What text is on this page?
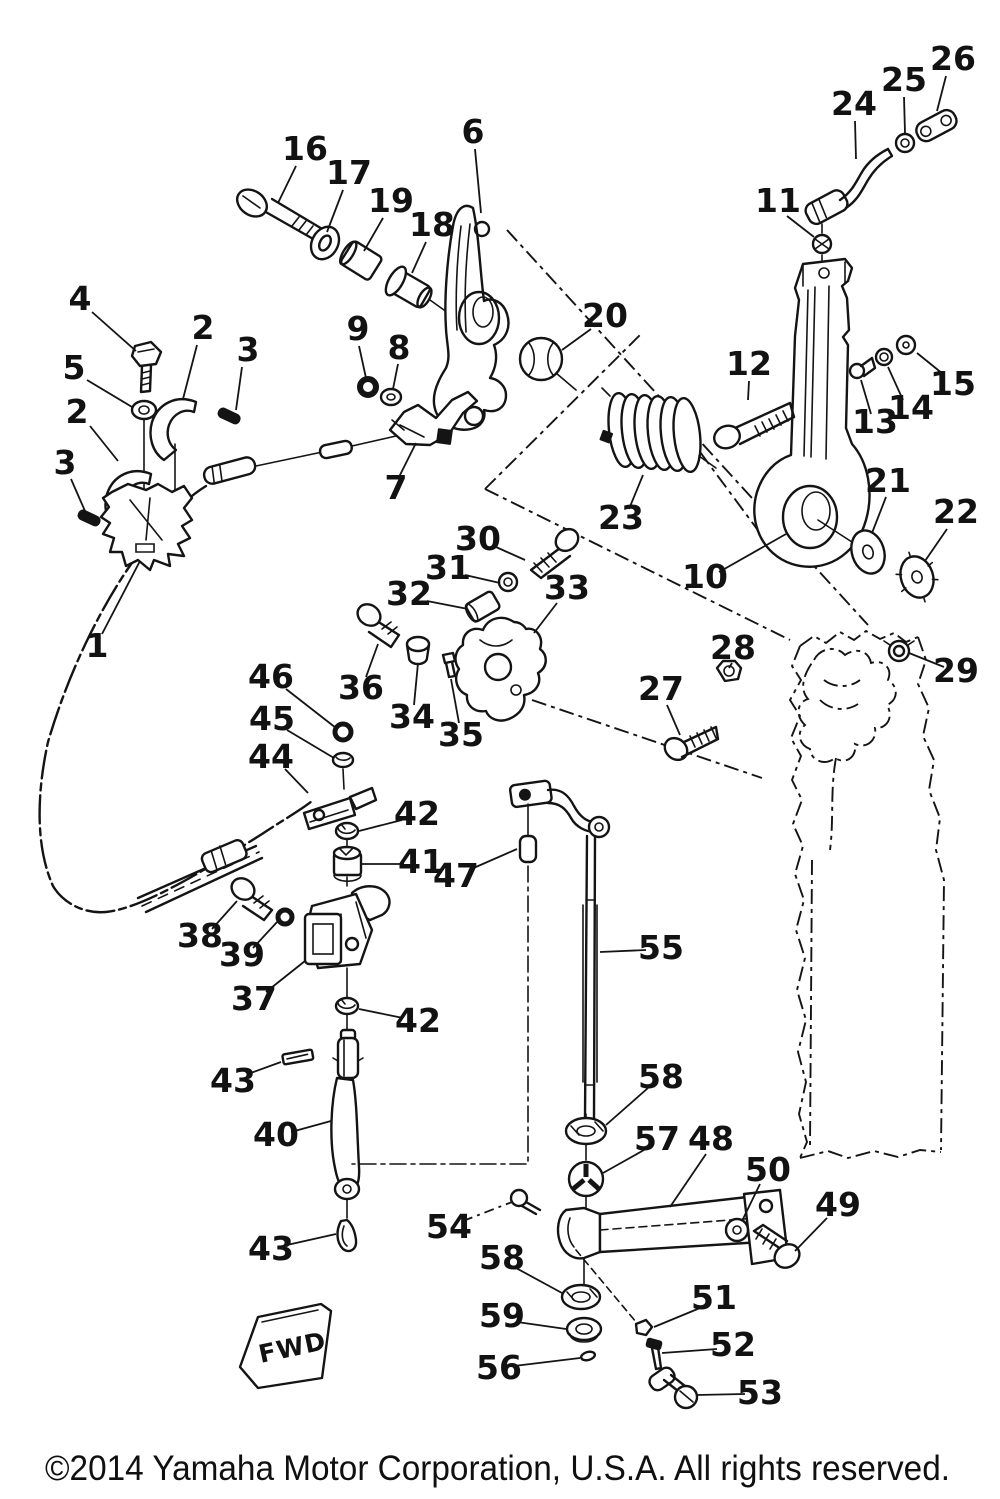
FWD
©2014 Yamaha Motor Corporation, U.S.A. All rights reserved.
16
17
19
18
6
4
2
3
5
2
3
9 8
7
20
26
25
24
11
12
13
14
15
21
22
10
23
30
31
32	33
27
28
29
36
34 35
46
45
44
42
41
47
38
39
37
42
55
43
40
43
54
58
57 48
50
49
58
59	51
52
56
53
1
